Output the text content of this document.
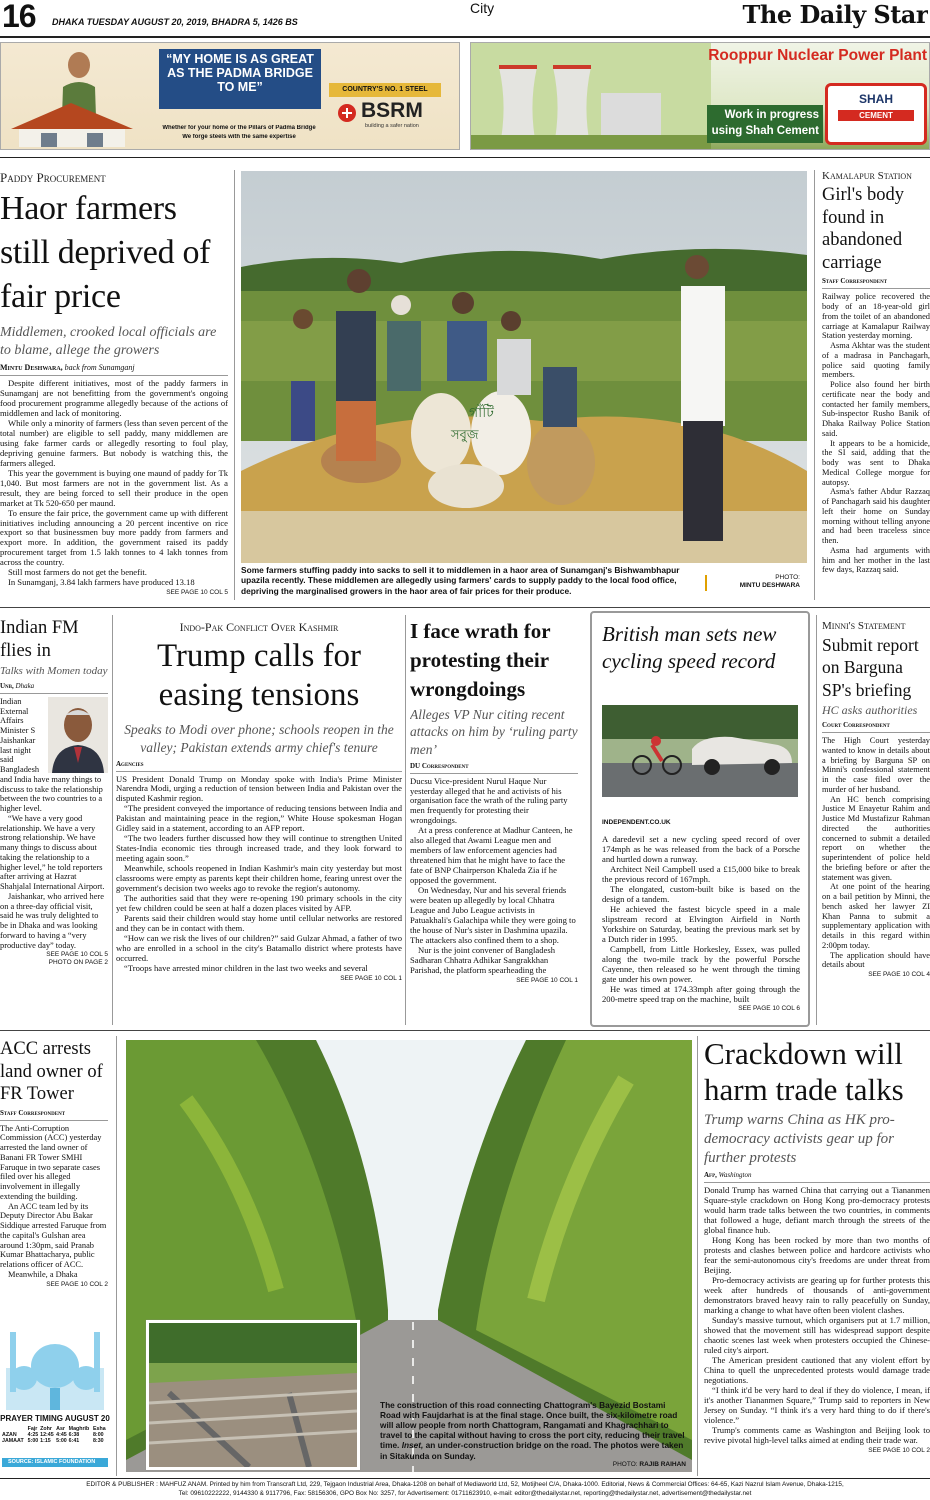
16 DHAKA TUESDAY AUGUST 20, 2019, BHADRA 5, 1426 BS
City	The Daily Star
“MY HOME IS AS GREAT AS THE PADMA BRIDGE TO ME”	COUNTRY'S NO. 1 STEEL
BSRM
building a safer nation
Whether for your home or the Pillars of Padma Bridge
We forge steels with the same expertise
Rooppur Nuclear Power Plant
Work in progress
using Shah Cement
SHAH
CEMENT
Paddy Procurement
Haor farmers still deprived of fair price
Middlemen, crooked local officials are to blame, allege the growers
Mintu Deshwara, back from Sunamganj

Despite different initiatives, most of the paddy farmers in Sunamganj are not benefitting from the government's ongoing food procurement programme allegedly because of the actions of middlemen and lack of monitoring.

While only a minority of farmers (less than seven percent of the total number) are eligible to sell paddy, many middlemen are using fake farmer cards or allegedly resorting to foul play, depriving genuine farmers. But nobody is watching this, the farmers alleged.

This year the government is buying one maund of paddy for Tk 1,040. But most farmers are not in the government list. As a result, they are being forced to sell their produce in the open market at Tk 520-650 per maund.

To ensure the fair price, the government came up with different initiatives including announcing a 20 percent incentive on rice export so that businessmen buy more paddy from farmers and export more. In addition, the government raised its paddy procurement target from 1.5 lakh tonnes to 4 lakh tonnes from across the country.

Still most farmers do not get the benefit.

In Sunamganj, 3.84 lakh farmers have produced 13.18

SEE PAGE 10 COL 5
গাঁটি
সবুজ
Some farmers stuffing paddy into sacks to sell it to middlemen in a haor area of Sunamganj's Bishwambhapur upazila recently. These middlemen are allegedly using farmers' cards to supply paddy to the local food office, depriving the marginalised growers in the haor area of fair prices for their produce.
PHOTO:
MINTU DESHWARA
Kamalapur Station
Girl's body found in abandoned carriage
Staff Correspondent

Railway police recovered the body of an 18-year-old girl from the toilet of an abandoned carriage at Kamalapur Railway Station yesterday morning.

Asma Akhtar was the student of a madrasa in Panchagarh, police said quoting family members.

Police also found her birth certificate near the body and contacted her family members, Sub-inspector Rusho Banik of Dhaka Railway Police Station said.

It appears to be a homicide, the SI said, adding that the body was sent to Dhaka Medical College morgue for autopsy.

Asma's father Abdur Razzaq of Panchagarh said his daughter left their home on Sunday morning without telling anyone and had been traceless since then.

Asma had arguments with him and her mother in the last few days, Razzaq said.

Indian FM flies in
Talks with Momen today
Unb, Dhaka

Indian External Affairs Minister S Jaishankar last night said Bangladesh and India have many things to discuss to take the relationship between the two countries to a higher level.

“We have a very good relationship. We have a very strong relationship. We have many things to discuss about taking the relationship to a higher level,” he told reporters after arriving at Hazrat Shahjalal International Airport.

Jaishankar, who arrived here on a three-day official visit, said he was truly delighted to be in Dhaka and was looking forward to having a “very productive day” today.

SEE PAGE 10 COL 5
PHOTO ON PAGE 2
Indo-Pak Conflict Over Kashmir
Trump calls for easing tensions
Speaks to Modi over phone; schools reopen in the valley; Pakistan extends army chief's tenure
Agencies

US President Donald Trump on Monday spoke with India's Prime Minister Narendra Modi, urging a reduction of tension between India and Pakistan over the disputed Kashmir region.

“The president conveyed the importance of reducing tensions between India and Pakistan and maintaining peace in the region,” White House spokesman Hogan Gidley said in a statement, according to an AFP report.

“The two leaders further discussed how they will continue to strengthen United States-India economic ties through increased trade, and they look forward to meeting again soon.”

Meanwhile, schools reopened in Indian Kashmir's main city yesterday but most classrooms were empty as parents kept their children home, fearing unrest over the government's decision two weeks ago to revoke the region's autonomy.

The authorities said that they were re-opening 190 primary schools in the city yet few children could be seen at half a dozen places visited by AFP.

Parents said their children would stay home until cellular networks are restored and they can be in contact with them.

“How can we risk the lives of our children?” said Gulzar Ahmad, a father of two who are enrolled in a school in the city's Batamallo district where protests have occurred.

“Troops have arrested minor children in the last two weeks and several

SEE PAGE 10 COL 1
I face wrath for protesting their wrongdoings
Alleges VP Nur citing recent attacks on him by ‘ruling party men’
DU Correspondent

Ducsu Vice-president Nurul Haque Nur yesterday alleged that he and activists of his organisation face the wrath of the ruling party men frequently for protesting their wrongdoings.

At a press conference at Madhur Canteen, he also alleged that Awami League men and members of law enforcement agencies had threatened him that he might have to face the fate of BNP Chairperson Khaleda Zia if he opposed the government.

On Wednesday, Nur and his several friends were beaten up allegedly by local Chhatra League and Jubo League activists in Patuakhali's Galachipa while they were going to the house of Nur's sister in Dashmina upazila. The attackers also confined them to a shop.

Nur is the joint convener of Bangladesh Sadharan Chhatra Adhikar Sangrakkhan Parishad, the platform spearheading the

SEE PAGE 10 COL 1
British man sets new cycling speed record
INDEPENDENT.CO.UK

A daredevil set a new cycling speed record of over 174mph as he was released from the back of a Porsche and hurtled down a runway.

Architect Neil Campbell used a £15,000 bike to break the previous record of 167mph.

The elongated, custom-built bike is based on the design of a tandem.

He achieved the fastest bicycle speed in a male slipstream record at Elvington Airfield in North Yorkshire on Saturday, beating the previous mark set by a Dutch rider in 1995.

Campbell, from Little Horkesley, Essex, was pulled along the two-mile track by the powerful Porsche Cayenne, then released so he went through the timing gate under his own power.

He was timed at 174.33mph after going through the 200-metre speed trap on the machine, built

SEE PAGE 10 COL 6
Minni's Statement
Submit report on Barguna SP's briefing
HC asks authorities
Court Correspondent

The High Court yesterday wanted to know in details about a briefing by Barguna SP on Minni's confessional statement in the case filed over the murder of her husband.

An HC bench comprising Justice M Enayetur Rahim and Justice Md Mustafizur Rahman directed the authorities concerned to submit a detailed report on whether the superintendent of police held the briefing before or after the statement was given.

At one point of the hearing on a bail petition by Minni, the bench asked her lawyer ZI Khan Panna to submit a supplementary application with details in this regard within 2:00pm today.

The application should have details about

SEE PAGE 10 COL 4
ACC arrests land owner of FR Tower
Staff Correspondent

The Anti-Corruption Commission (ACC) yesterday arrested the land owner of Banani FR Tower SMHI Faruque in two separate cases filed over his alleged involvement in illegally extending the building.

An ACC team led by its Deputy Director Abu Bakar Siddique arrested Faruque from the capital's Gulshan area around 1:30pm, said Pranab Kumar Bhattacharya, public relations officer of ACC.

Meanwhile, a Dhaka

SEE PAGE 10 COL 2
PRAYER TIMING AUGUST 20
	Fajr	Zohr	Asr	Maghrib	Esha
AZAN	4:25	12:45	4:45	6:38	8:00
JAMAAT	5:00	1:15	5:00	6:41	8:30
SOURCE: ISLAMIC FOUNDATION
The construction of this road connecting Chattogram's Bayezid Bostami Road with Faujdarhat is at the final stage. Once built, the six-kilometre road will allow people from north Chattogram, Rangamati and Khagrachhari to travel to the capital without having to cross the port city, reducing their travel time. Inset, an under-construction bridge on the road. The photos were taken in Sitakunda on Sunday.
PHOTO: RAJIB RAIHAN
Crackdown will harm trade talks
Trump warns China as HK pro-democracy activists gear up for further protests
Afp, Washington

Donald Trump has warned China that carrying out a Tiananmen Square-style crackdown on Hong Kong pro-democracy protests would harm trade talks between the two countries, in comments that followed a huge, defiant march through the streets of the global finance hub.

Hong Kong has been rocked by more than two months of protests and clashes between police and hardcore activists who fear the semi-autonomous city's freedoms are under threat from Beijing.

Pro-democracy activists are gearing up for further protests this week after hundreds of thousands of anti-government demonstrators braved heavy rain to rally peacefully on Sunday, marking a change to what have often been violent clashes.

Sunday's massive turnout, which organisers put at 1.7 million, showed that the movement still has widespread support despite chaotic scenes last week when protesters occupied the Chinese-ruled city's airport.

The American president cautioned that any violent effort by China to quell the unprecedented protests would damage trade negotiations.

“I think it'd be very hard to deal if they do violence, I mean, if it's another Tiananmen Square,” Trump said to reporters in New Jersey on Sunday. “I think it's a very hard thing to do if there's violence.”

Trump's comments came as Washington and Beijing look to revive pivotal high-level talks aimed at ending their trade war.

SEE PAGE 10 COL 2
EDITOR & PUBLISHER : MAHFUZ ANAM. Printed by him from Transcraft Ltd, 229, Tejgaon Industrial Area, Dhaka-1208 on behalf of Mediaworld Ltd, 52, Motijheel C/A, Dhaka-1000. Editorial, News & Commercial Offices: 64-65, Kazi Nazrul Islam Avenue, Dhaka-1215,
Tel: 09610222222, 9144330 & 9117796, Fax: 58156306, GPO Box No: 3257, for Advertisement: 01711623910, e-mail: editor@thedailystar.net, reporting@thedailystar.net, advertisement@thedailystar.net
